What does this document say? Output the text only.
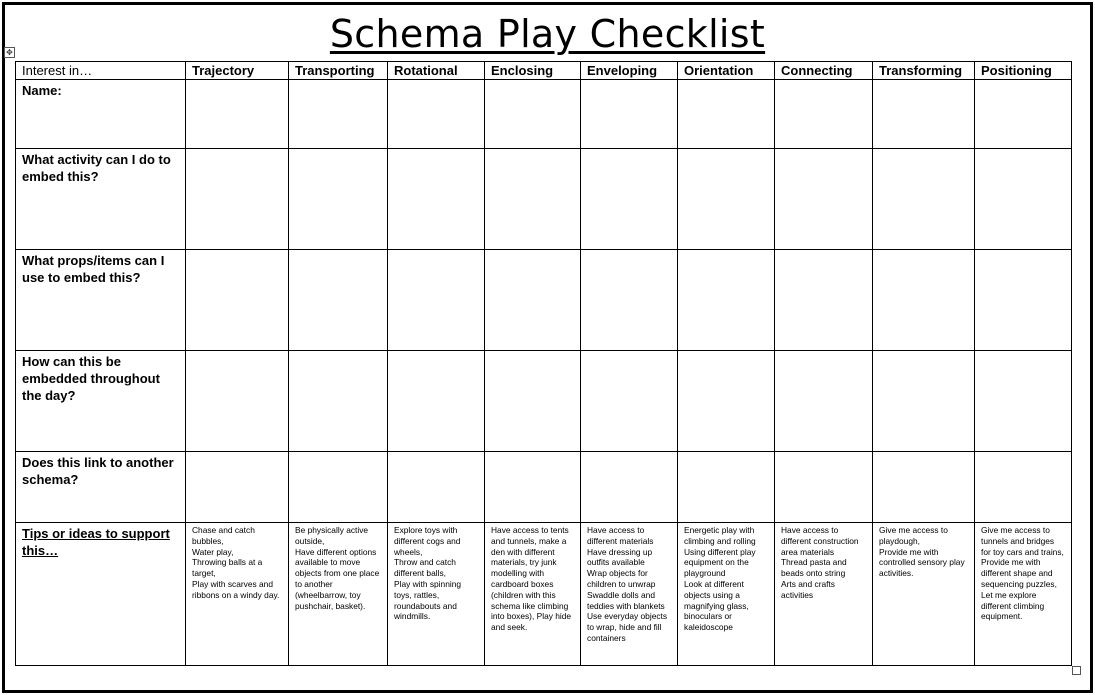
Schema Play Checklist
✥
Interest in…	Trajectory	Transporting	Rotational	Enclosing	Enveloping	Orientation	Connecting	Transforming	Positioning
Name:									
What activity can I do to embed this?									
What props/items can I use to embed this?									
How can this be embedded throughout the day?									
Does this link to another schema?									
Tips or ideas to support this…	Chase and catch bubbles,
Water play,
Throwing balls at a target,
Play with scarves and ribbons on a windy day.	Be physically active outside,
Have different options available to move objects from one place to another (wheelbarrow, toy pushchair, basket).	Explore toys with different cogs and wheels,
Throw and catch different balls,
Play with spinning toys, rattles, roundabouts and windmills.	Have access to tents and tunnels, make a den with different materials, try junk modelling with cardboard boxes (children with this schema like climbing into boxes), Play hide and seek.	Have access to different materials
Have dressing up outfits available
Wrap objects for children to unwrap
Swaddle dolls and teddies with blankets
Use everyday objects to wrap, hide and fill containers	Energetic play with climbing and rolling
Using different play equipment on the playground
Look at different objects using a magnifying glass, binoculars or kaleidoscope	Have access to different construction area materials
Thread pasta and beads onto string
Arts and crafts activities	Give me access to playdough,
Provide me with controlled sensory play activities.	Give me access to tunnels and bridges for toy cars and trains, Provide me with different shape and sequencing puzzles, Let me explore different climbing equipment.
